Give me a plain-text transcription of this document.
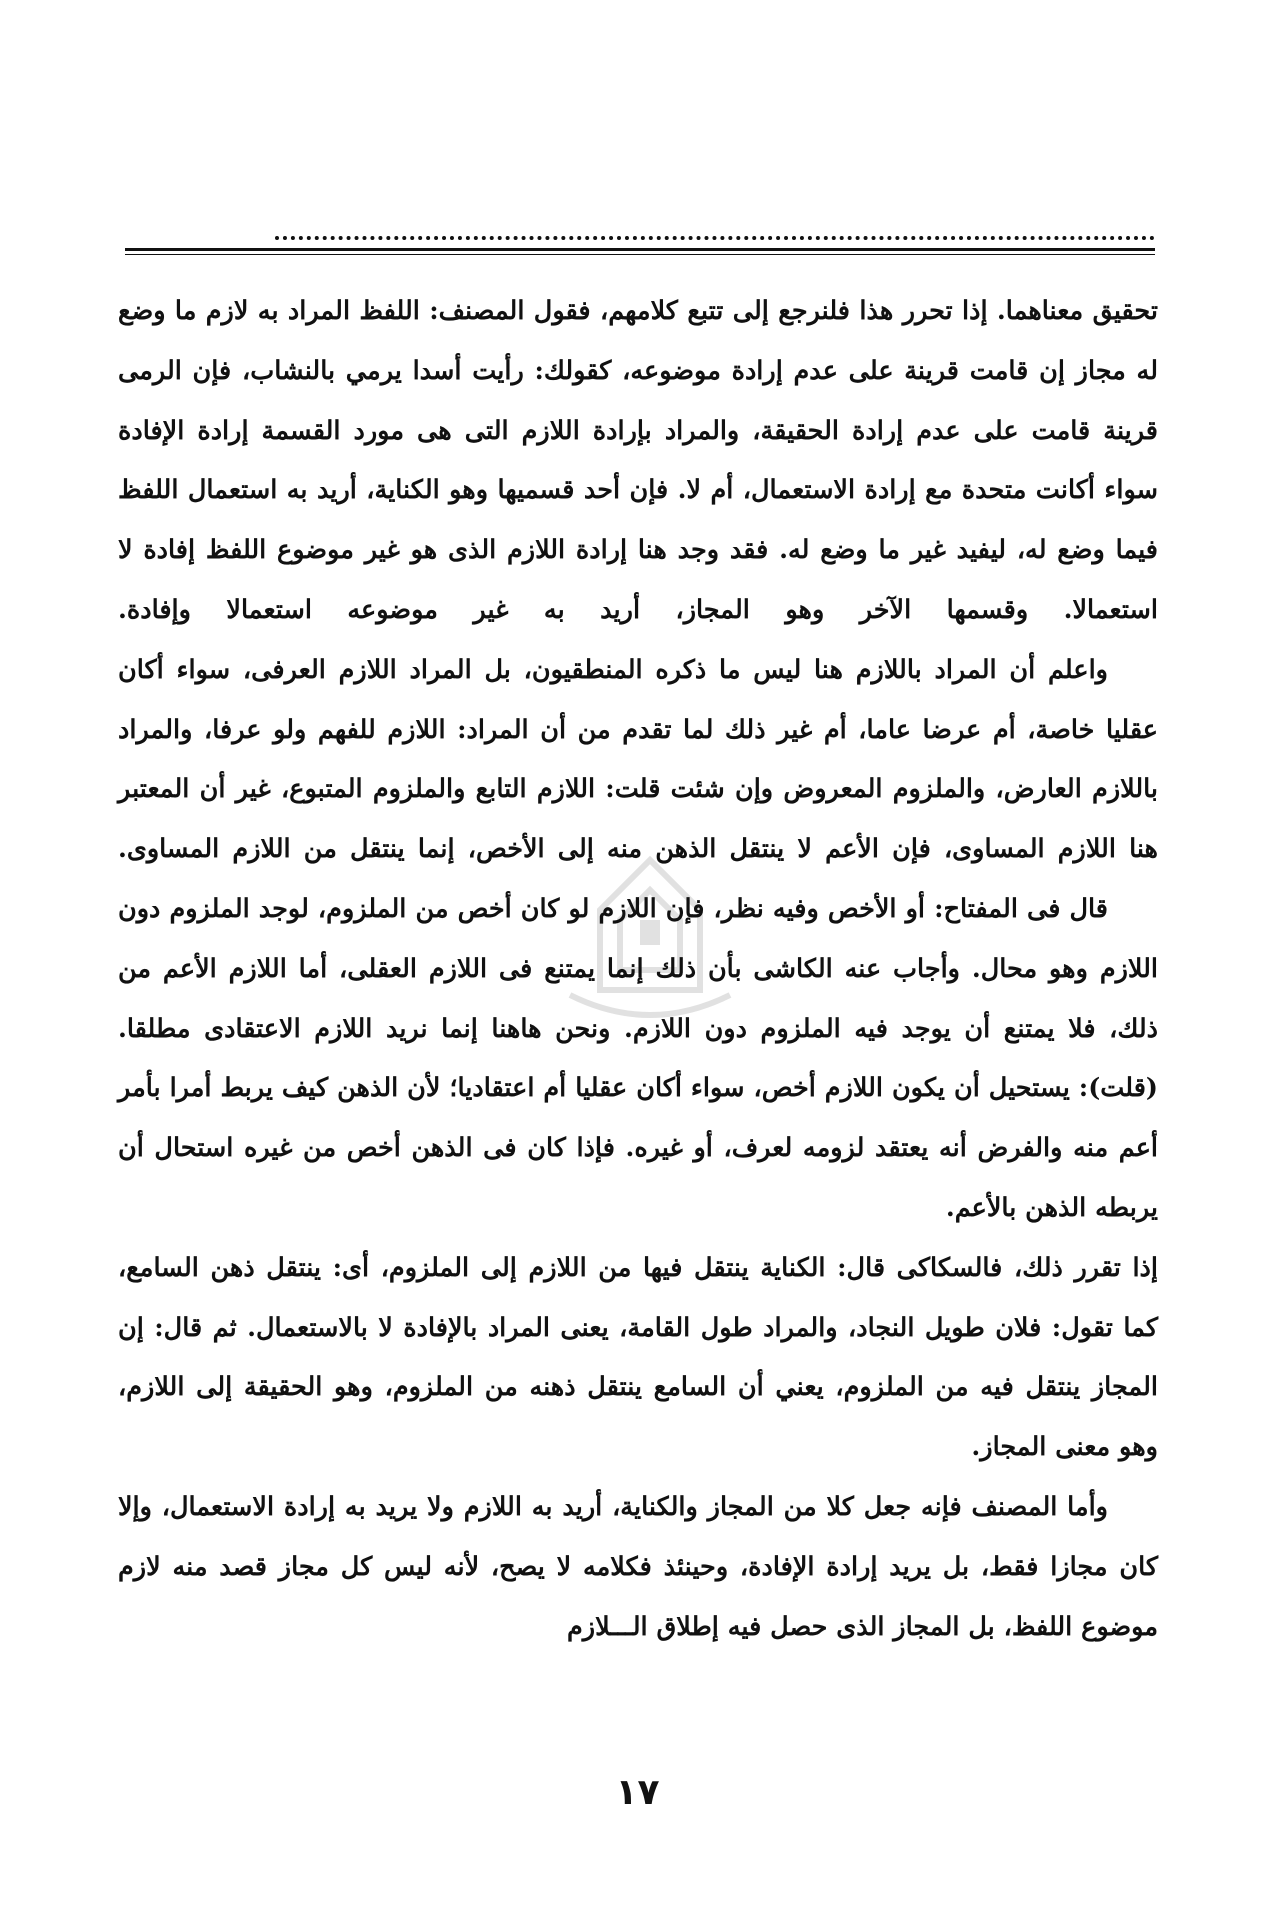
تحقيق معناهما. إذا تحرر هذا فلنرجع إلى تتبع كلامهم، فقول المصنف: اللفظ المراد به لازم ما وضع له مجاز إن قامت قرينة على عدم إرادة موضوعه، كقولك: رأيت أسدا يرمي بالنشاب، فإن الرمى قرينة قامت على عدم إرادة الحقيقة، والمراد بإرادة اللازم التى هى مورد القسمة إرادة الإفادة سواء أكانت متحدة مع إرادة الاستعمال، أم لا. فإن أحد قسميها وهو الكناية، أريد به استعمال اللفظ فيما وضع له، ليفيد غير ما وضع له. فقد وجد هنا إرادة اللازم الذى هو غير موضوع اللفظ إفادة لا استعمالا. وقسمها الآخر وهو المجاز، أريد به غير موضوعه استعمالا وإفادة.

واعلم أن المراد باللازم هنا ليس ما ذكره المنطقيون، بل المراد اللازم العرفى، سواء أكان عقليا خاصة، أم عرضا عاما، أم غير ذلك لما تقدم من أن المراد: اللازم للفهم ولو عرفا، والمراد باللازم العارض، والملزوم المعروض وإن شئت قلت: اللازم التابع والملزوم المتبوع، غير أن المعتبر هنا اللازم المساوى، فإن الأعم لا ينتقل الذهن منه إلى الأخص، إنما ينتقل من اللازم المساوى.

قال فى المفتاح: أو الأخص وفيه نظر، فإن اللازم لو كان أخص من الملزوم، لوجد الملزوم دون اللازم وهو محال. وأجاب عنه الكاشى بأن ذلك إنما يمتنع فى اللازم العقلى، أما اللازم الأعم من ذلك، فلا يمتنع أن يوجد فيه الملزوم دون اللازم. ونحن هاهنا إنما نريد اللازم الاعتقادى مطلقا.

(قلت): يستحيل أن يكون اللازم أخص، سواء أكان عقليا أم اعتقاديا؛ لأن الذهن كيف يربط أمرا بأمر أعم منه والفرض أنه يعتقد لزومه لعرف، أو غيره. فإذا كان فى الذهن أخص من غيره استحال أن يربطه الذهن بالأعم.

إذا تقرر ذلك، فالسكاكى قال: الكناية ينتقل فيها من اللازم إلى الملزوم، أى: ينتقل ذهن السامع، كما تقول: فلان طويل النجاد، والمراد طول القامة، يعنى المراد بالإفادة لا بالاستعمال. ثم قال: إن المجاز ينتقل فيه من الملزوم، يعني أن السامع ينتقل ذهنه من الملزوم، وهو الحقيقة إلى اللازم، وهو معنى المجاز.

وأما المصنف فإنه جعل كلا من المجاز والكناية، أريد به اللازم ولا يريد به إرادة الاستعمال، وإلا كان مجازا فقط، بل يريد إرادة الإفادة، وحينئذ فكلامه لا يصح، لأنه ليس كل مجاز قصد منه لازم موضوع اللفظ، بل المجاز الذى حصل فيه إطلاق الـــلازم

١٧
